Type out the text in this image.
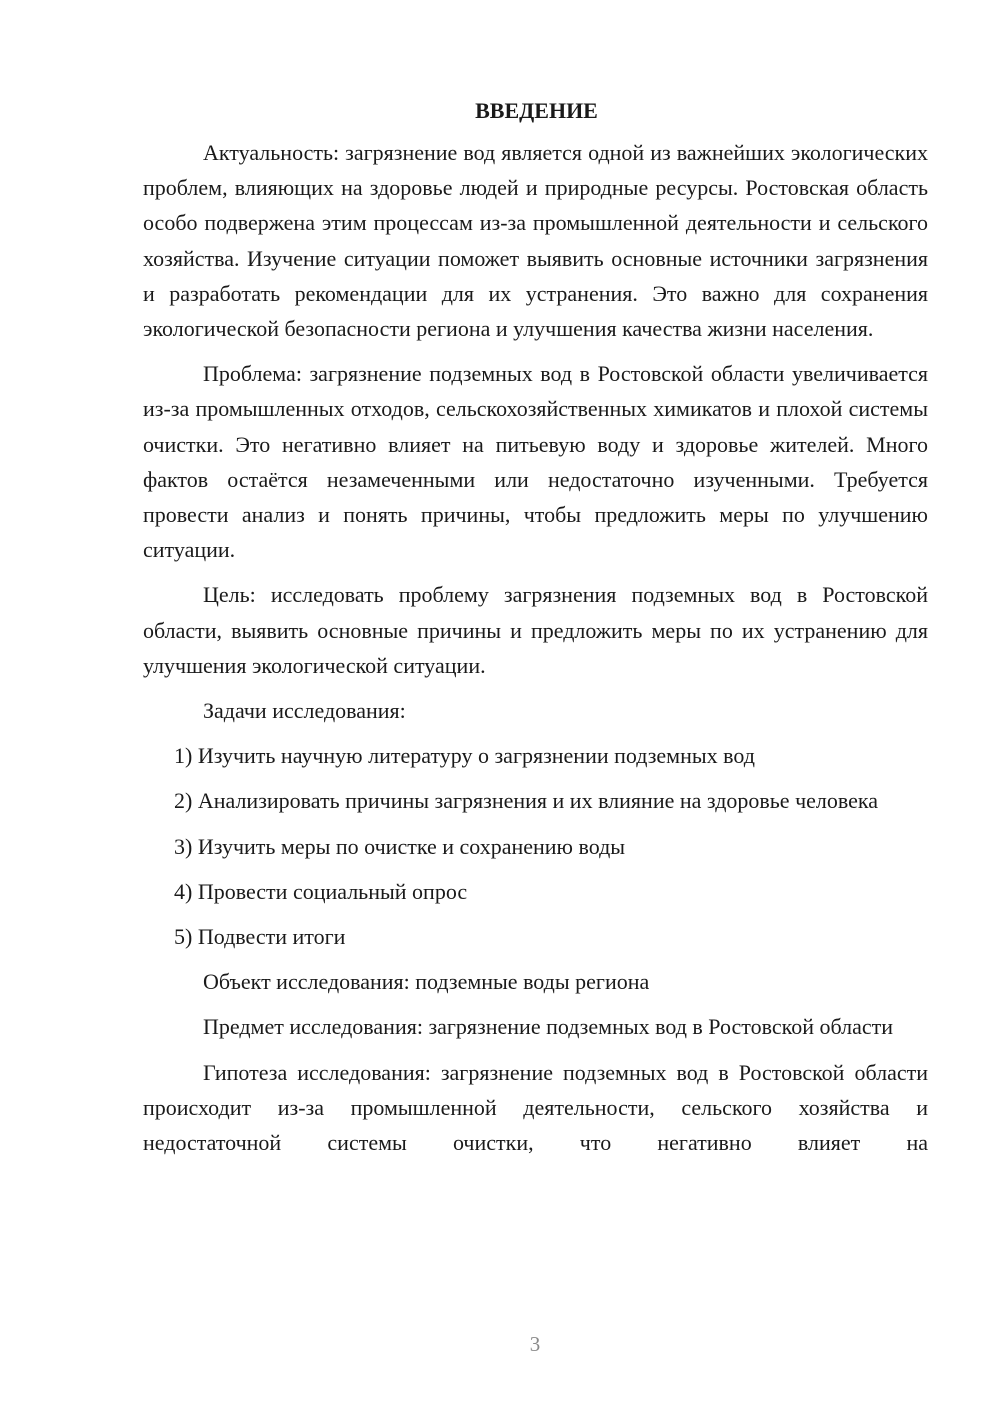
ВВЕДЕНИЕ

Актуальность: загрязнение вод является одной из важнейших экологических проблем, влияющих на здоровье людей и природные ресурсы. Ростовская область особо подвержена этим процессам из-за промышленной деятельности и сельского хозяйства. Изучение ситуации поможет выявить основные источники загрязнения и разработать рекомендации для их устранения. Это важно для сохранения экологической безопасности региона и улучшения качества жизни населения.

Проблема: загрязнение подземных вод в Ростовской области увеличивается из-за промышленных отходов, сельскохозяйственных химикатов и плохой системы очистки. Это негативно влияет на питьевую воду и здоровье жителей. Много фактов остаётся незамеченными или недостаточно изученными. Требуется провести анализ и понять причины, чтобы предложить меры по улучшению ситуации.

Цель: исследовать проблему загрязнения подземных вод в Ростовской области, выявить основные причины и предложить меры по их устранению для улучшения экологической ситуации.

Задачи исследования:

1) Изучить научную литературу о загрязнении подземных вод

2) Анализировать причины загрязнения и их влияние на здоровье человека

3) Изучить меры по очистке и сохранению воды

4) Провести социальный опрос

5) Подвести итоги

Объект исследования: подземные воды региона

Предмет исследования: загрязнение подземных вод в Ростовской области

Гипотеза исследования: загрязнение подземных вод в Ростовской области происходит из-за промышленной деятельности, сельского хозяйства и недостаточной системы очистки, что негативно влияет на

3
